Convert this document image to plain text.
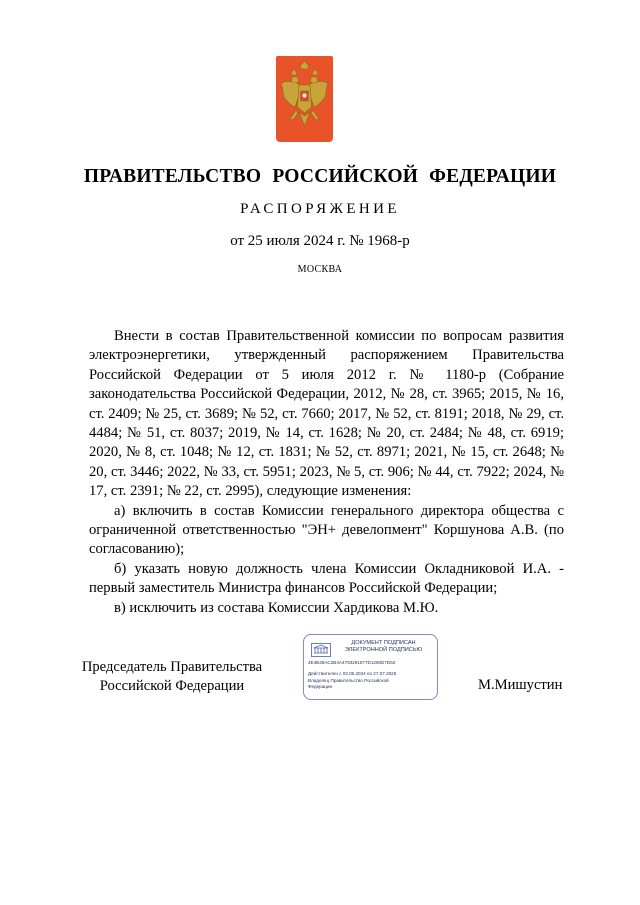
ПРАВИТЕЛЬСТВО РОССИЙСКОЙ ФЕДЕРАЦИИ
РАСПОРЯЖЕНИЕ
от 25 июля 2024 г. № 1968-р
МОСКВА

Внести в состав Правительственной комиссии по вопросам развития электроэнергетики, утвержденный распоряжением Правительства Российской Федерации от 5 июля 2012 г. № 1180-р (Собрание законодательства Российской Федерации, 2012, № 28, ст. 3965; 2015, № 16, ст. 2409; № 25, ст. 3689; № 52, ст. 7660; 2017, № 52, ст. 8191; 2018, № 29, ст. 4484; № 51, ст. 8037; 2019, № 14, ст. 1628; № 20, ст. 2484; № 48, ст. 6919; 2020, № 8, ст. 1048; № 12, ст. 1831; № 52, ст. 8971; 2021, № 15, ст. 2648; № 20, ст. 3446; 2022, № 33, ст. 5951; 2023, № 5, ст. 906; № 44, ст. 7922; 2024, № 17, ст. 2391; № 22, ст. 2995), следующие изменения:

а) включить в состав Комиссии генерального директора общества с ограниченной ответственностью "ЭН+ девелопмент" Коршунова А.В. (по согласованию);

б) указать новую должность члена Комиссии Окладниковой И.А. - первый заместитель Министра финансов Российской Федерации;

в) исключить из состава Комиссии Хардикова М.Ю.

Председатель Правительства
Российской Федерации
ДОКУМЕНТ ПОДПИСАН
ЭЛЕКТРОННОЙ ПОДПИСЬЮ
4E4B48AC2B4A4793291877D1280D7D62
Действителен с 03.05.2024 по 27.07.2025
Владелец Правительство Российской
Федерации	М.Мишустин
